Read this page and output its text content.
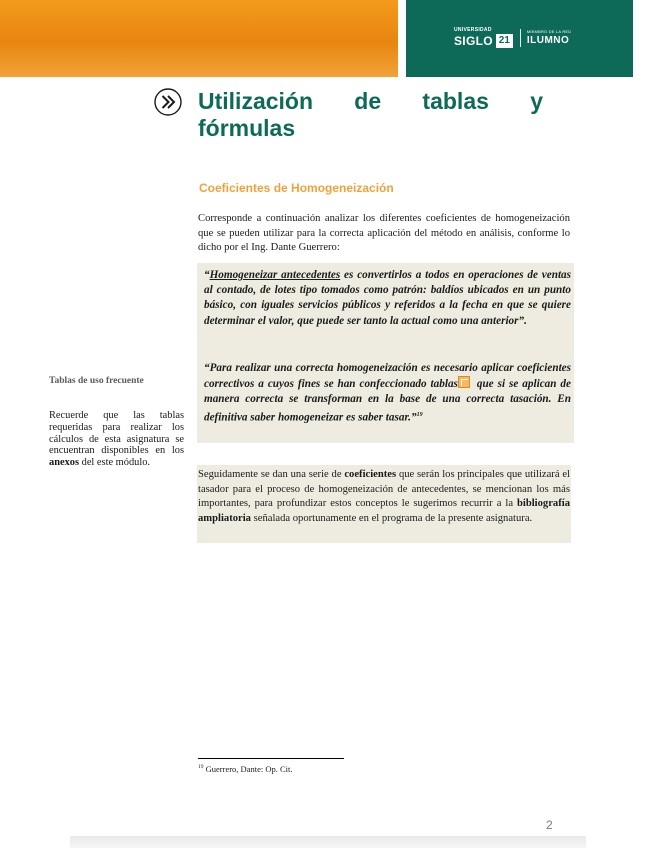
UNIVERSIDAD
SIGLO 21
MIEMBRO DE LA RED
ILUMNO
Utilización de tablas y
fórmulas
Coeficientes de Homogeneización

Corresponde a continuación analizar los diferentes coeficientes de homogeneización que se pueden utilizar para la correcta aplicación del método en análisis, conforme lo dicho por el Ing. Dante Guerrero:

“Homogeneizar antecedentes es convertirlos a todos en operaciones de ventas al contado, de lotes tipo tomados como patrón: baldíos ubicados en un punto básico, con iguales servicios públicos y referidos a la fecha en que se quiere determinar el valor, que puede ser tanto la actual como una anterior”.

“Para realizar una correcta homogeneización es necesario aplicar coeficientes correctivos a cuyos fines se han confeccionado tablas que si se aplican de manera correcta se transforman en la base de una correcta tasación. En definitiva saber homogeneizar es saber tasar.”$^{19}$

Tablas de uso frecuente

Recuerde que las tablas requeridas para realizar los cálculos de esta asignatura se encuentran disponibles en los anexos del este módulo.

Seguidamente se dan una serie de coeficientes que serán los principales que utilizará el tasador para el proceso de homogeneización de antecedentes, se mencionan los más importantes, para profundizar estos conceptos le sugerimos recurrir a la bibliografía ampliatoria señalada oportunamente en el programa de la presente asignatura.

$^{19}$ Guerrero, Dante: Op. Cit.
2
